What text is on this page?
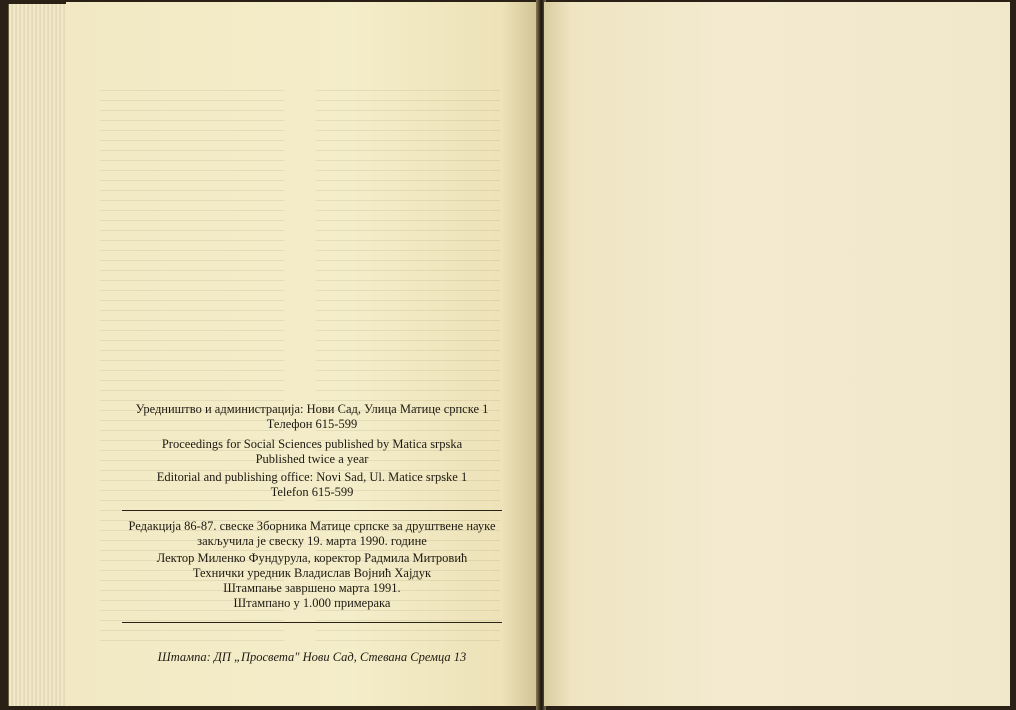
Уредништво и администрација: Нови Сад, Улица Матице српске 1
Телефон 615-599
Proceedings for Social Sciences published by Matica srpska
Published twice a year
Editorial and publishing office: Novi Sad, Ul. Matice srpske 1
Telefon 615-599
Редакција 86-87. свеске Зборника Матице српске за друштвене науке
закључила је свеску 19. марта 1990. године
Лектор Миленко Фундурула, коректор Радмила Митровић
Технички уредник Владислав Војнић Хајдук
Штампање завршено марта 1991.
Штампано у 1.000 примерака
Штампа: ДП „Просвета" Нови Сад, Стевана Сремца 13
